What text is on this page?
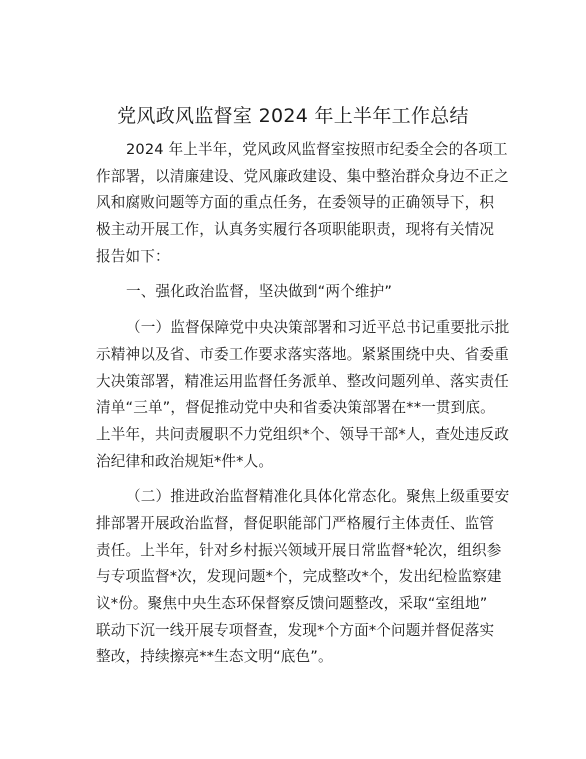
党风政风监督室 2024 年上半年工作总结
2024 年上半年，党风政风监督室按照市纪委全会的各项工
作部署，以清廉建设、党风廉政建设、集中整治群众身边不正之
风和腐败问题等方面的重点任务，在委领导的正确领导下，积
极主动开展工作，认真务实履行各项职能职责，现将有关情况
报告如下：
一、强化政治监督，坚决做到“两个维护”
（一）监督保障党中央决策部署和习近平总书记重要批示批
示精神以及省、市委工作要求落实落地。紧紧围绕中央、省委重
大决策部署，精准运用监督任务派单、整改问题列单、落实责任
清单“三单”，督促推动党中央和省委决策部署在**一贯到底。
上半年，共问责履职不力党组织*个、领导干部*人，查处违反政
治纪律和政治规矩*件*人。
（二）推进政治监督精准化具体化常态化。聚焦上级重要安
排部署开展政治监督，督促职能部门严格履行主体责任、监管
责任。上半年，针对乡村振兴领域开展日常监督*轮次，组织参
与专项监督*次，发现问题*个，完成整改*个，发出纪检监察建
议*份。聚焦中央生态环保督察反馈问题整改，采取“室组地”
联动下沉一线开展专项督查，发现*个方面*个问题并督促落实
整改，持续擦亮**生态文明“底色”。
